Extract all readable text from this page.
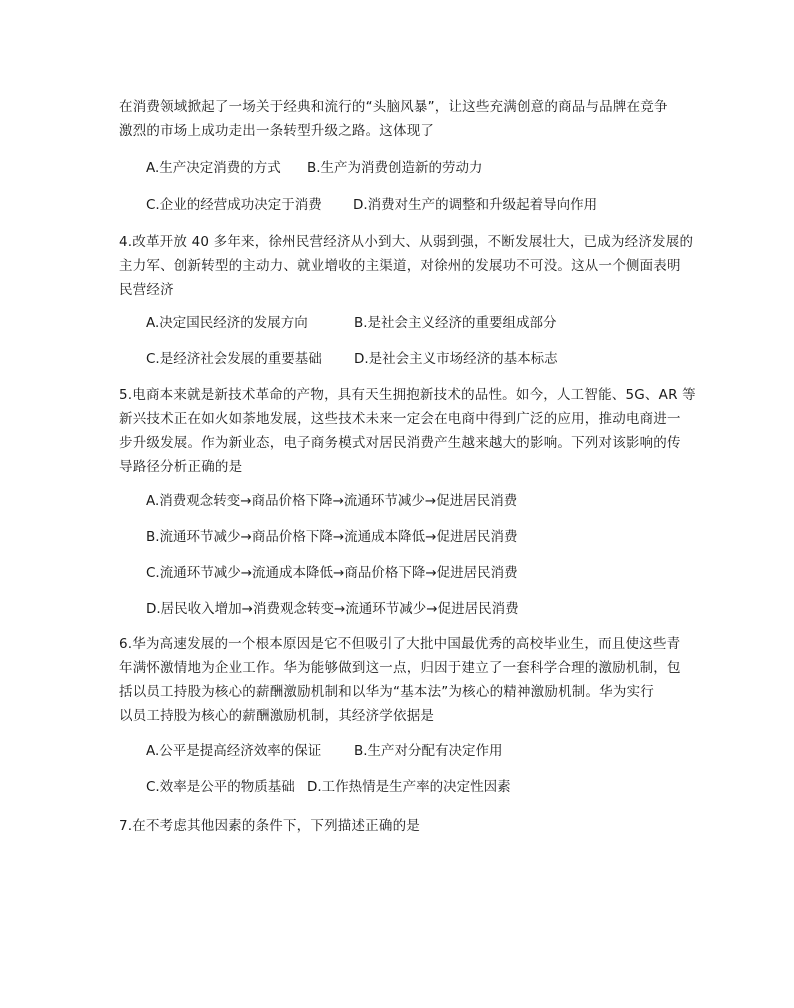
在消费领域掀起了一场关于经典和流行的“头脑风暴”，让这些充满创意的商品与品牌在竞争
激烈的市场上成功走出一条转型升级之路。这体现了
A.生产决定消费的方式 B.生产为消费创造新的劳动力
C.企业的经营成功决定于消费 D.消费对生产的调整和升级起着导向作用
4.改革开放 40 多年来，徐州民营经济从小到大、从弱到强，不断发展壮大，已成为经济发展的
主力军、创新转型的主动力、就业增收的主渠道，对徐州的发展功不可没。这从一个侧面表明
民营经济
A.决定国民经济的发展方向	B.是社会主义经济的重要组成部分
C.是经济社会发展的重要基础 D.是社会主义市场经济的基本标志
5.电商本来就是新技术革命的产物，具有天生拥抱新技术的品性。如今，人工智能、5G、AR 等
新兴技术正在如火如荼地发展，这些技术未来一定会在电商中得到广泛的应用，推动电商进一
步升级发展。作为新业态，电子商务模式对居民消费产生越来越大的影响。下列对该影响的传
导路径分析正确的是
A.消费观念转变→商品价格下降→流通环节减少→促进居民消费
B.流通环节减少→商品价格下降→流通成本降低→促进居民消费
C.流通环节减少→流通成本降低→商品价格下降→促进居民消费
D.居民收入增加→消费观念转变→流通环节减少→促进居民消费
6.华为高速发展的一个根本原因是它不但吸引了大批中国最优秀的高校毕业生，而且使这些青
年满怀激情地为企业工作。华为能够做到这一点，归因于建立了一套科学合理的激励机制，包
括以员工持股为核心的薪酬激励机制和以华为“基本法”为核心的精神激励机制。华为实行
以员工持股为核心的薪酬激励机制，其经济学依据是
A.公平是提高经济效率的保证 B.生产对分配有决定作用
C.效率是公平的物质基础 D.工作热情是生产率的决定性因素
7.在不考虑其他因素的条件下，下列描述正确的是
